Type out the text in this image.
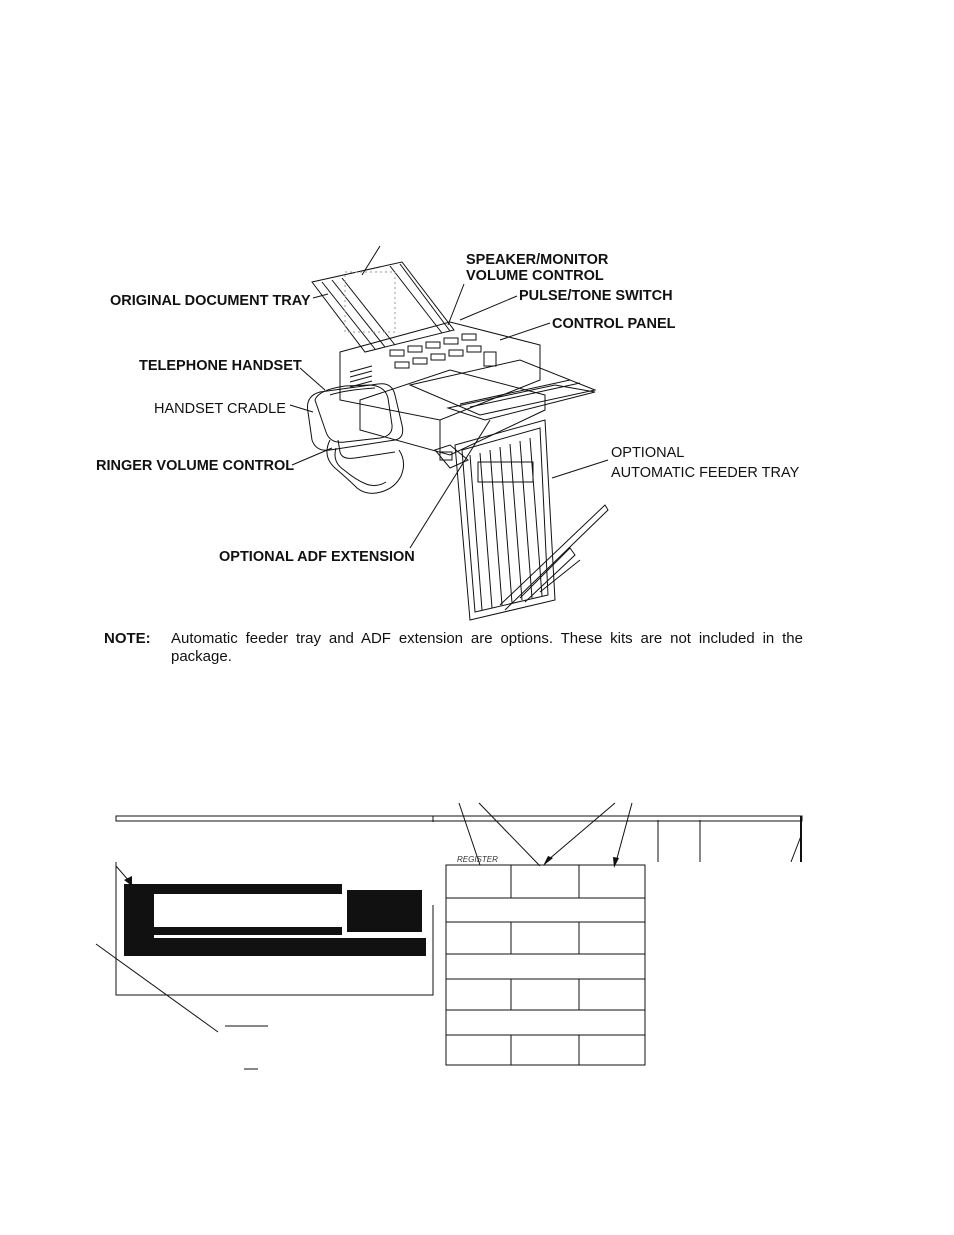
SPEAKER/MONITOR
VOLUME CONTROL
PULSE/TONE SWITCH
ORIGINAL DOCUMENT TRAY
CONTROL PANEL
TELEPHONE HANDSET
HANDSET CRADLE
RINGER VOLUME CONTROL
OPTIONAL
AUTOMATIC FEEDER TRAY
OPTIONAL ADF EXTENSION
NOTE: Automatic feeder tray and ADF extension are options. These kits are not included in the package.
REGISTER
